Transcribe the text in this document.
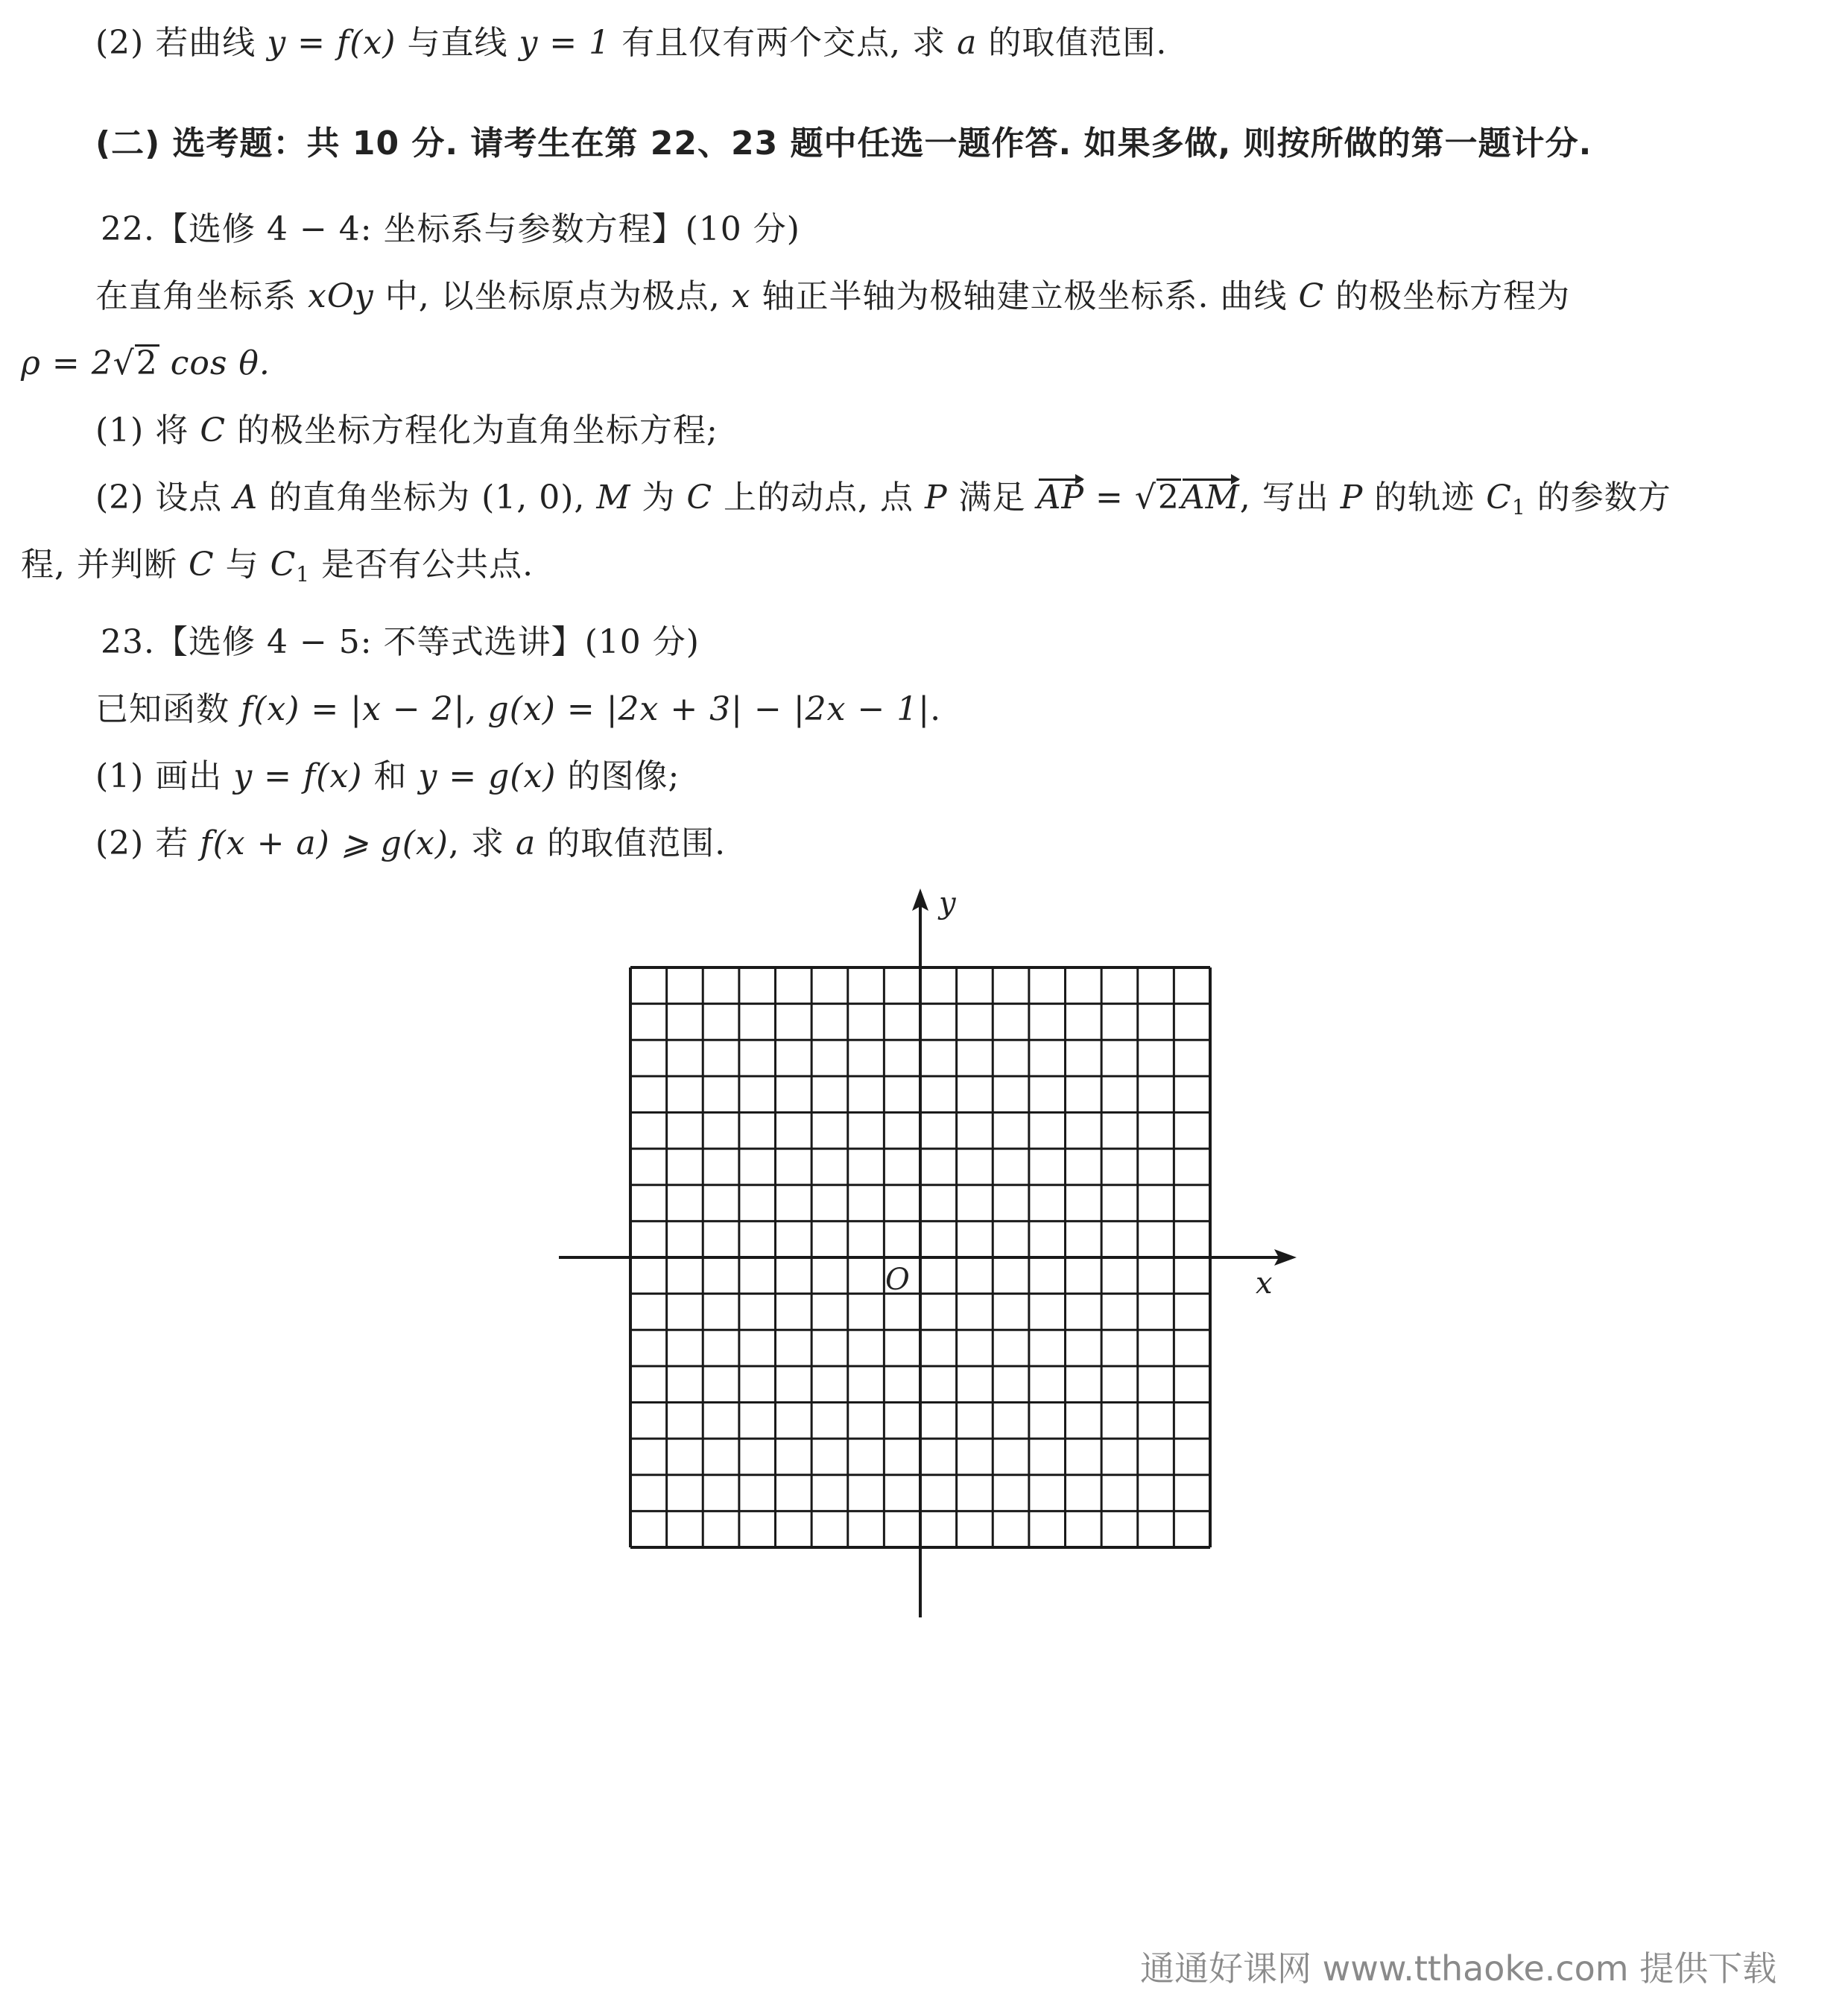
(2) 若曲线 y = f(x) 与直线 y = 1 有且仅有两个交点, 求 a 的取值范围.
(二) 选考题：共 10 分. 请考生在第 22、23 题中任选一题作答. 如果多做, 则按所做的第一题计分.
22.【选修 4 − 4: 坐标系与参数方程】(10 分)
在直角坐标系 xOy 中, 以坐标原点为极点, x 轴正半轴为极轴建立极坐标系. 曲线 C 的极坐标方程为
ρ = 2√2 cos θ.
(1) 将 C 的极坐标方程化为直角坐标方程;
(2) 设点 A 的直角坐标为 (1, 0), M 为 C 上的动点, 点 P 满足 AP = √2AM, 写出 P 的轨迹 $C_1$ 的参数方
程, 并判断 C 与 $C_1$ 是否有公共点.
23.【选修 4 − 5: 不等式选讲】(10 分)
已知函数 f(x) = |x − 2|, g(x) = |2x + 3| − |2x − 1|.
(1) 画出 y = f(x) 和 y = g(x) 的图像;
(2) 若 f(x + a) ⩾ g(x), 求 a 的取值范围.
y
x
O
通通好课网 www.tthaoke.com 提供下载
